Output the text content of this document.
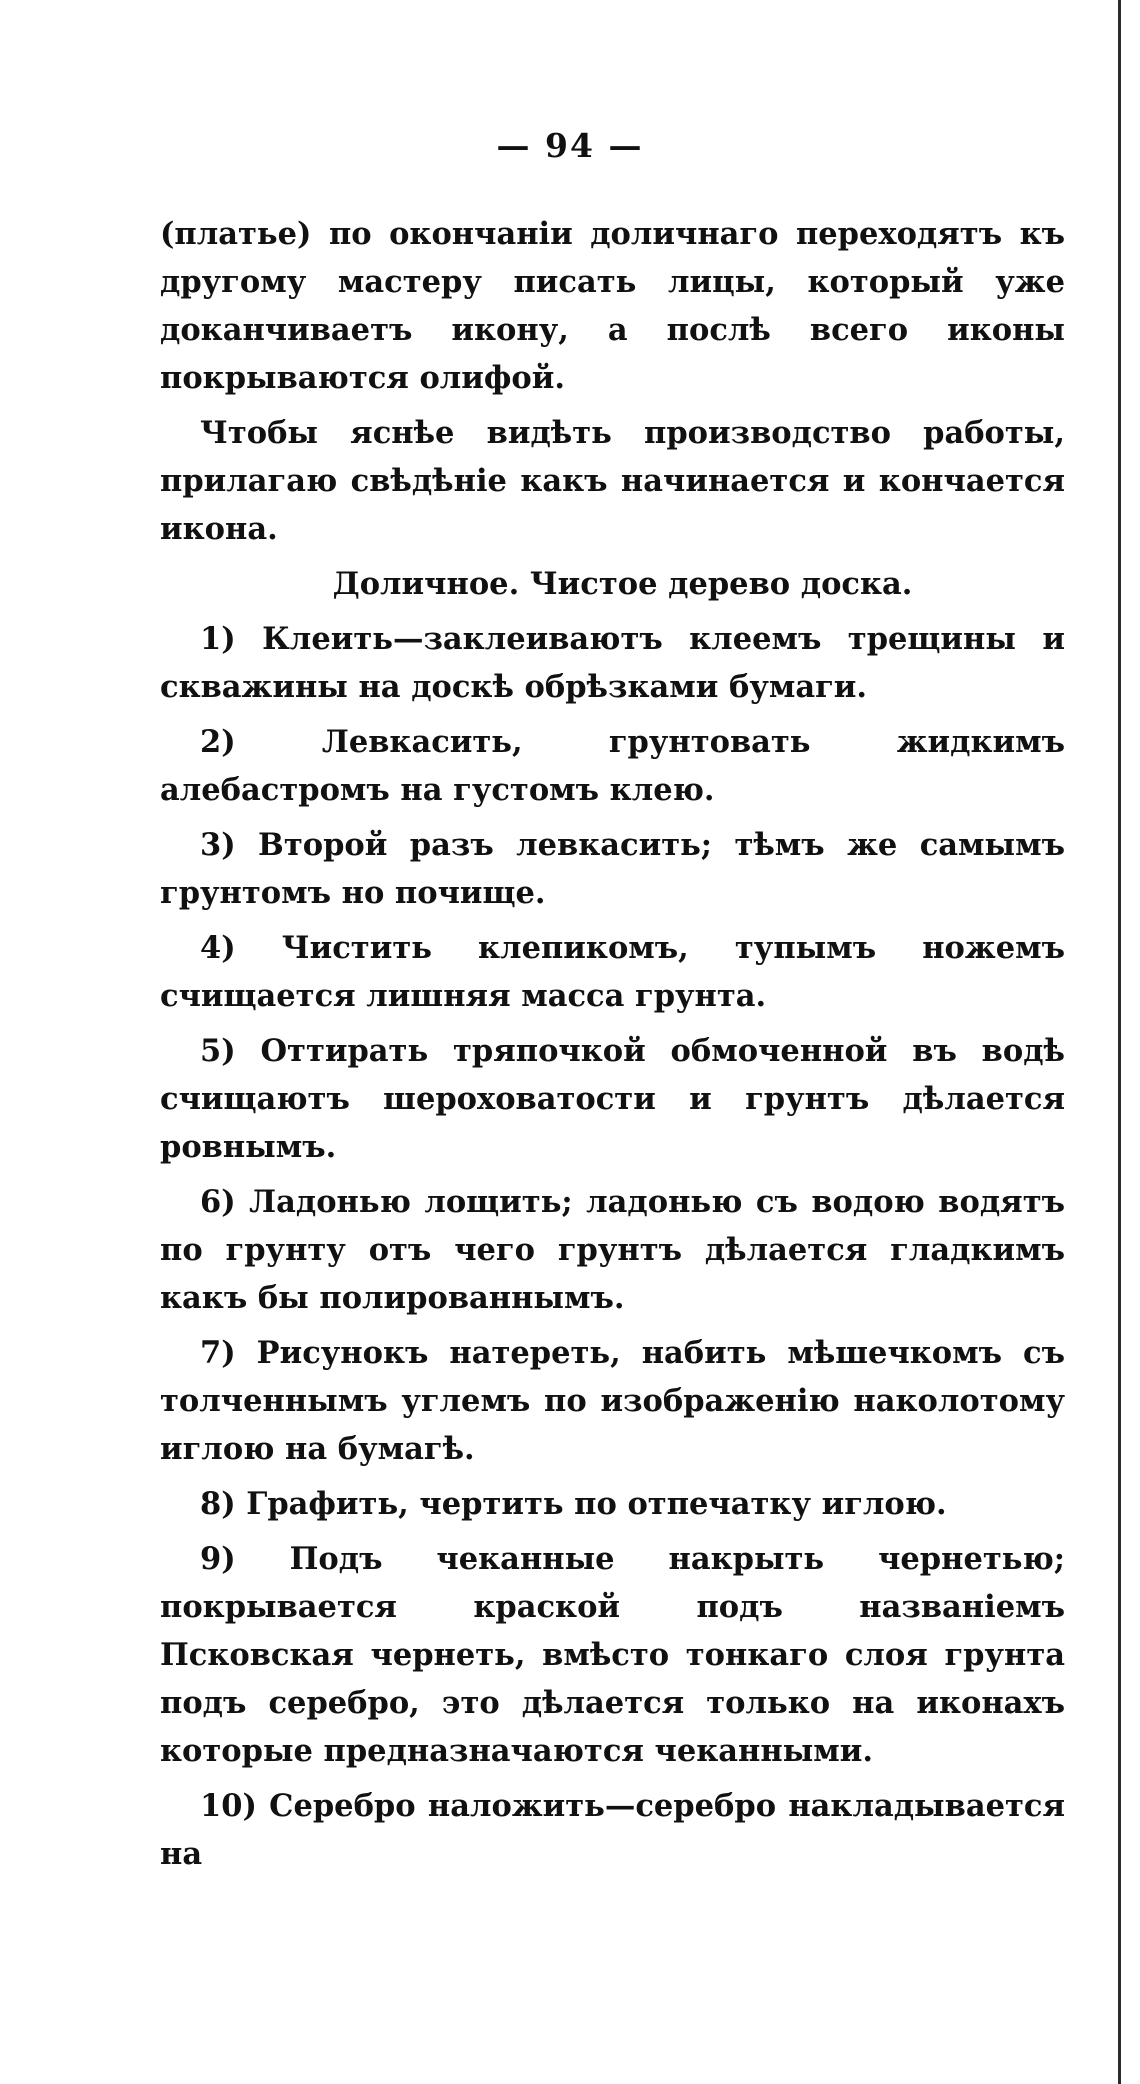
— 94 —

(платье) по окончаніи доличнаго переходятъ къ другому мастеру писать лицы, который уже доканчиваетъ икону, а послѣ всего иконы покрываются олифой.

Чтобы яснѣе видѣть производство работы, прилагаю свѣдѣніе какъ начинается и кончается икона.

Доличное. Чистое дерево доска.

1) Клеить—заклеиваютъ клеемъ трещины и скважины на доскѣ обрѣзками бумаги.

2) Левкасить, грунтовать жидкимъ алебастромъ на густомъ клею.

3) Второй разъ левкасить; тѣмъ же самымъ грунтомъ но почище.

4) Чистить клепикомъ, тупымъ ножемъ счищается лишняя масса грунта.

5) Оттирать тряпочкой обмоченной въ водѣ счищаютъ шероховатости и грунтъ дѣлается ровнымъ.

6) Ладонью лощить; ладонью съ водою водятъ по грунту отъ чего грунтъ дѣлается гладкимъ какъ бы полированнымъ.

7) Рисунокъ натереть, набить мѣшечкомъ съ толченнымъ углемъ по изображенію наколотому иглою на бумагѣ.

8) Графить, чертить по отпечатку иглою.

9) Подъ чеканные накрыть чернетью; покрывается краской подъ названіемъ Псковская чернеть, вмѣсто тонкаго слоя грунта подъ серебро, это дѣлается только на иконахъ которые предназначаются чеканными.

10) Серебро наложить—серебро накладывается на
